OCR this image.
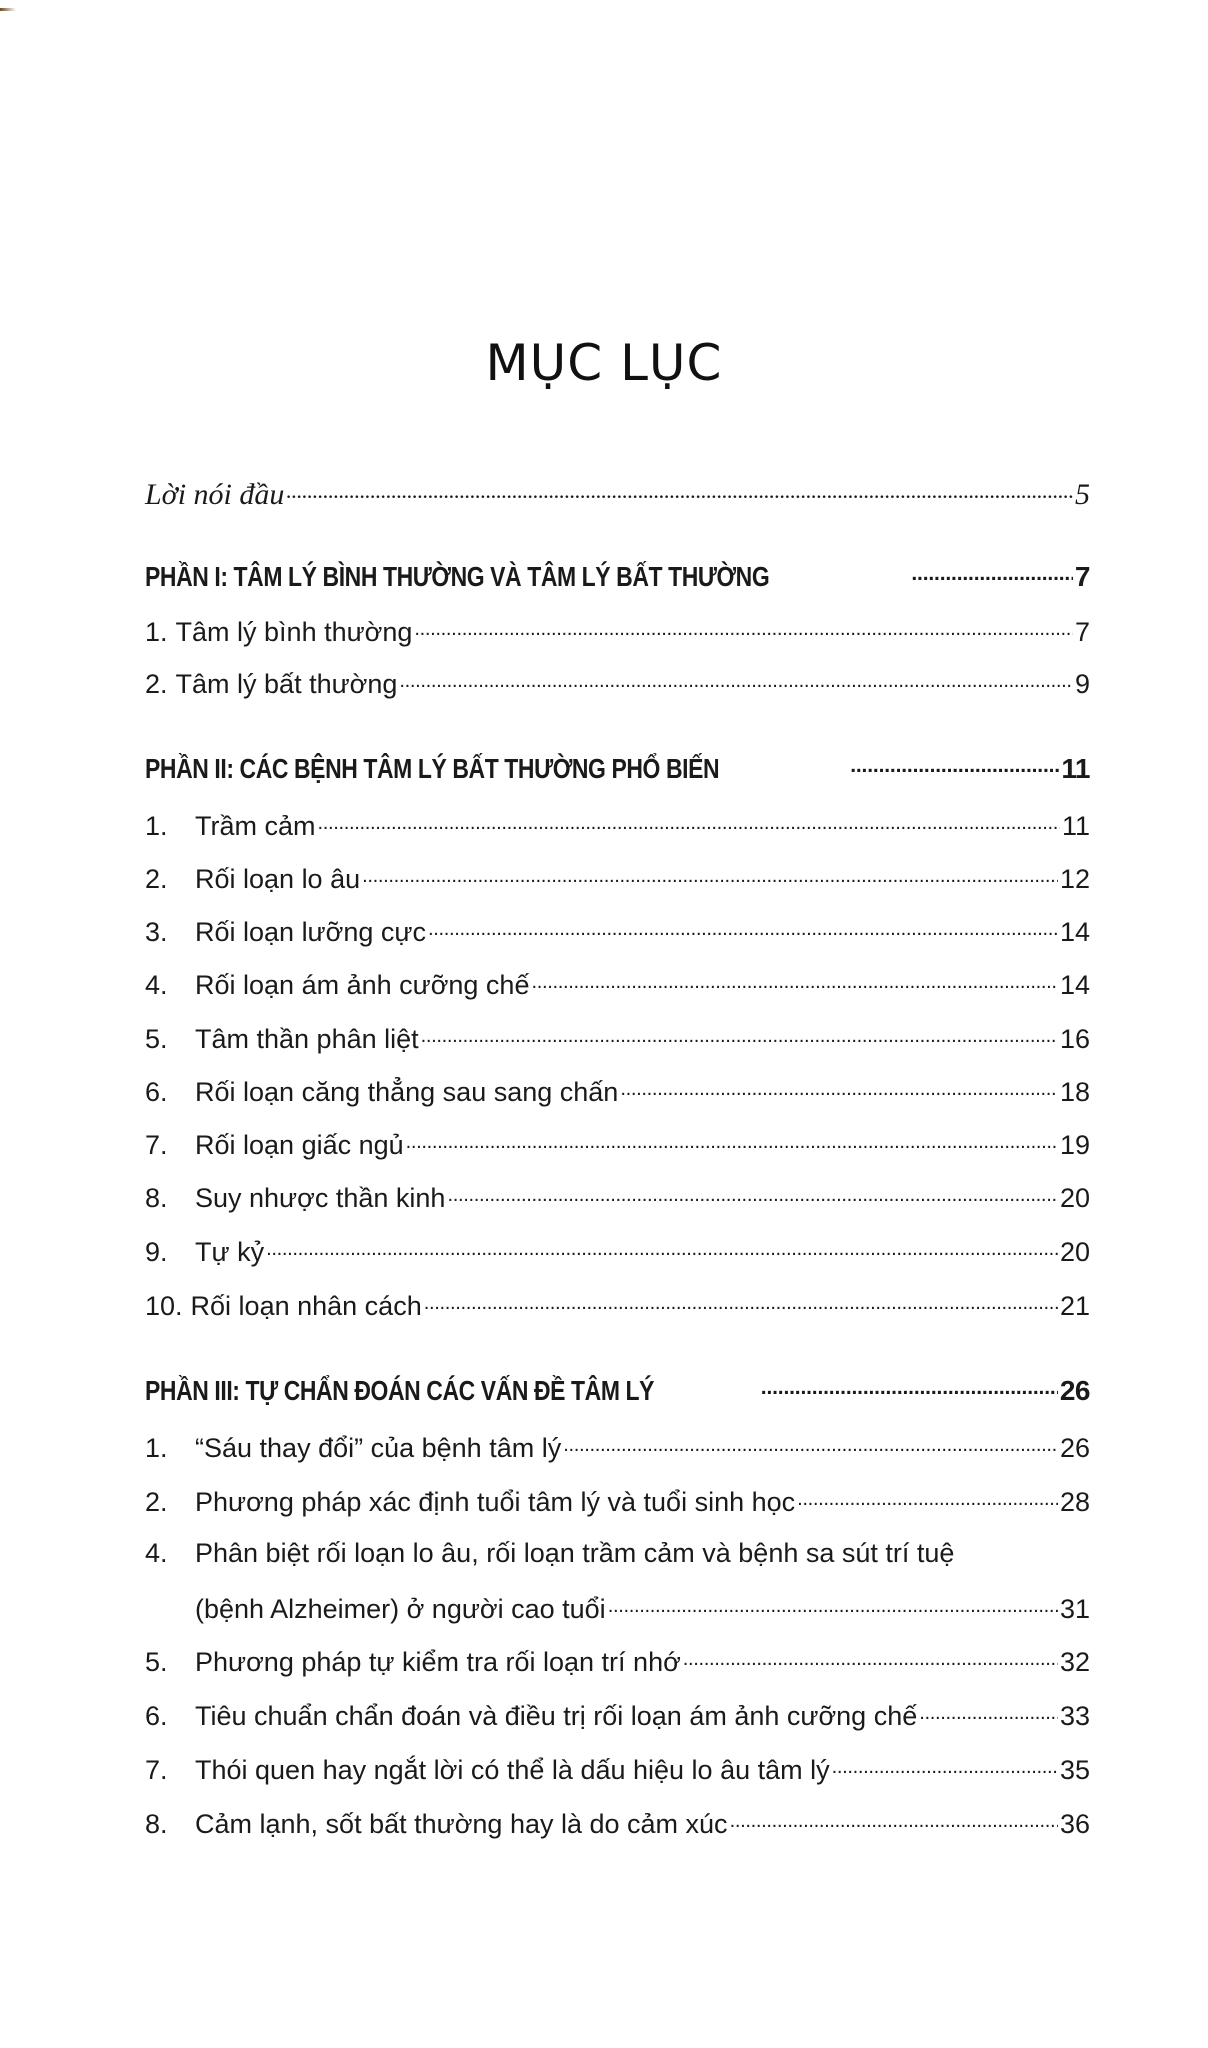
MỤC LỤC
Lời nói đầu . . .	5
PHẦN I: TÂM LÝ BÌNH THƯỜNG VÀ TÂM LÝ BẤT THƯỜNG . . .	7
1. Tâm lý bình thường . . .	7
2. Tâm lý bất thường . . .	9
PHẦN II: CÁC BỆNH TÂM LÝ BẤT THƯỜNG PHỔ BIẾN . . .	11
1.	Trầm cảm . . .	11
2.	Rối loạn lo âu . . .	12
3.	Rối loạn lưỡng cực . . .	14
4.	Rối loạn ám ảnh cưỡng chế . . .	14
5.	Tâm thần phân liệt . . .	16
6.	Rối loạn căng thẳng sau sang chấn . . .	18
7.	Rối loạn giấc ngủ . . .	19
8.	Suy nhược thần kinh . . .	20
9.	Tự kỷ . . .	20
10. Rối loạn nhân cách . . .	21
PHẦN III: TỰ CHẨN ĐOÁN CÁC VẤN ĐỀ TÂM LÝ . . .	26
1.	“Sáu thay đổi” của bệnh tâm lý . . .	26
2.	Phương pháp xác định tuổi tâm lý và tuổi sinh học . . .	28
4.	Phân biệt rối loạn lo âu, rối loạn trầm cảm và bệnh sa sút trí tuệ
(bệnh Alzheimer) ở người cao tuổi . . .	31
5.	Phương pháp tự kiểm tra rối loạn trí nhớ . . .	32
6.	Tiêu chuẩn chẩn đoán và điều trị rối loạn ám ảnh cưỡng chế . . .	33
7.	Thói quen hay ngắt lời có thể là dấu hiệu lo âu tâm lý . . .	35
8.	Cảm lạnh, sốt bất thường hay là do cảm xúc . . .	36
